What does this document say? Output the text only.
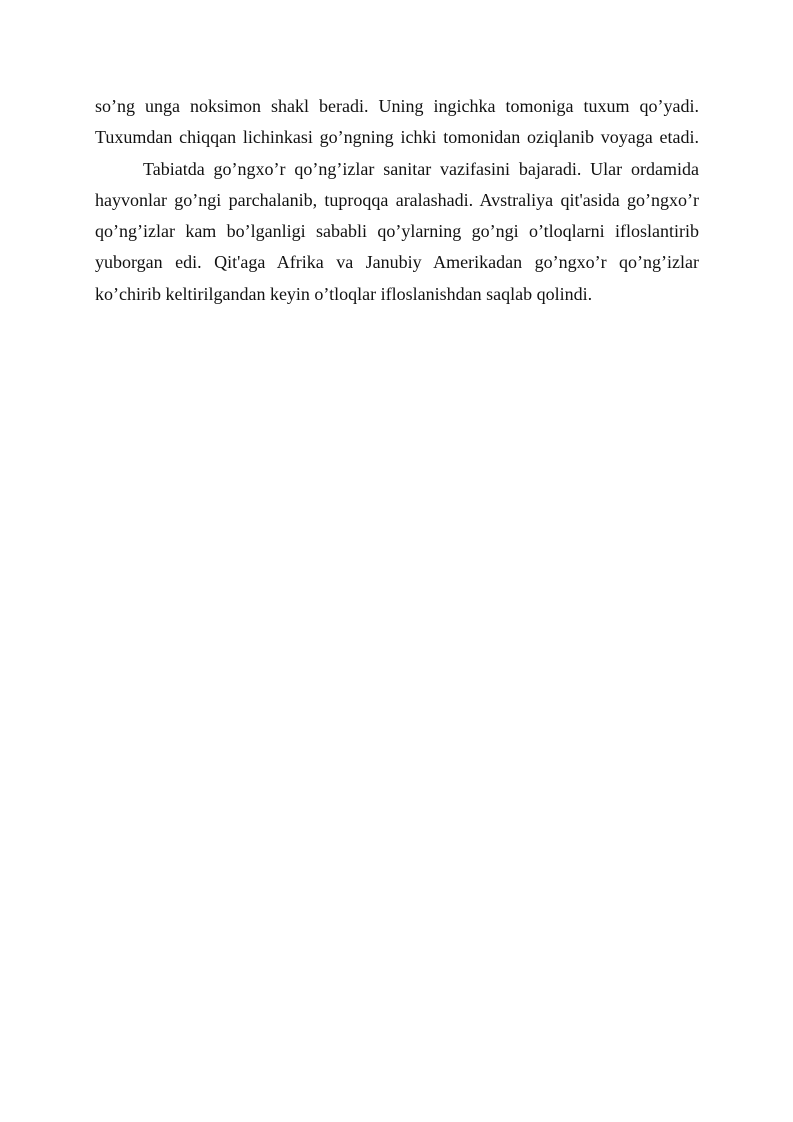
so’ng unga noksimon shakl beradi. Uning ingichka tomoniga tuxum qo’yadi.
Tuxumdan chiqqan lichinkasi go’ngning ichki tomonidan oziqlanib voyaga etadi.

Tabiatda go’ngxo’r qo’ng’izlar sanitar vazifasini bajaradi. Ular ordamida
hayvonlar go’ngi parchalanib, tuproqqa aralashadi. Avstraliya qit'asida go’ngxo’r
qo’ng’izlar kam bo’lganligi sababli qo’ylarning go’ngi o’tloqlarni ifloslantirib
yuborgan edi. Qit'aga Afrika va Janubiy Amerikadan go’ngxo’r qo’ng’izlar
ko’chirib keltirilgandan keyin o’tloqlar ifloslanishdan saqlab qolindi.
